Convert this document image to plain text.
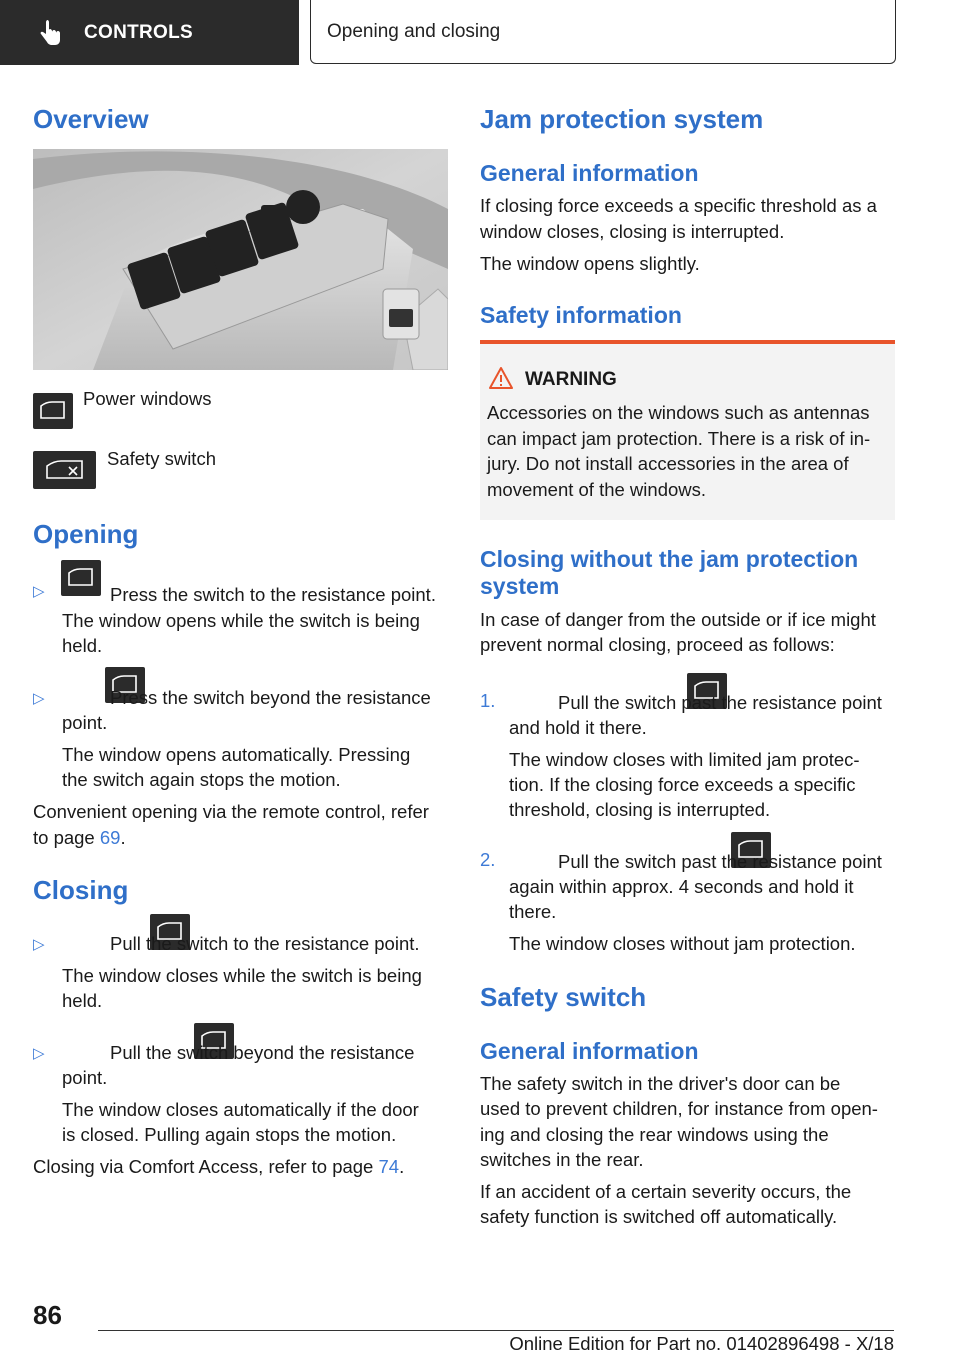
CONTROLS	Opening and closing
Overview
Power windows
Safety switch
Opening
▷
	Press the switch to the resistance point.
The window opens while the switch is being
held.
▷
	Press the switch beyond the resistance
point.
The window opens automatically. Pressing
the switch again stops the motion.
Convenient opening via the remote control, refer
to page 69.
Closing
▷
	Pull the switch to the resistance point.
The window closes while the switch is being
held.
▷
	Pull the switch beyond the resistance
point.
The window closes automatically if the door
is closed. Pulling again stops the motion.
Closing via Comfort Access, refer to page 74.
Jam protection system
General information
If closing force exceeds a specific threshold as a
window closes, closing is interrupted.
The window opens slightly.
Safety information
WARNING
Accessories on the windows such as antennas
can impact jam protection. There is a risk of in-
jury. Do not install accessories in the area of
movement of the windows.
Closing without the jam protection
system
In case of danger from the outside or if ice might
prevent normal closing, proceed as follows:
1.
	Pull the switch past the resistance point
and hold it there.
The window closes with limited jam protec-
tion. If the closing force exceeds a specific
threshold, closing is interrupted.
2.	Pull the switch past the resistance point
again within approx. 4 seconds and hold it
there.
The window closes without jam protection.
Safety switch
General information
The safety switch in the driver's door can be
used to prevent children, for instance from open-
ing and closing the rear windows using the
switches in the rear.
If an accident of a certain severity occurs, the
safety function is switched off automatically.
86
Online Edition for Part no. 01402896498 - X/18
